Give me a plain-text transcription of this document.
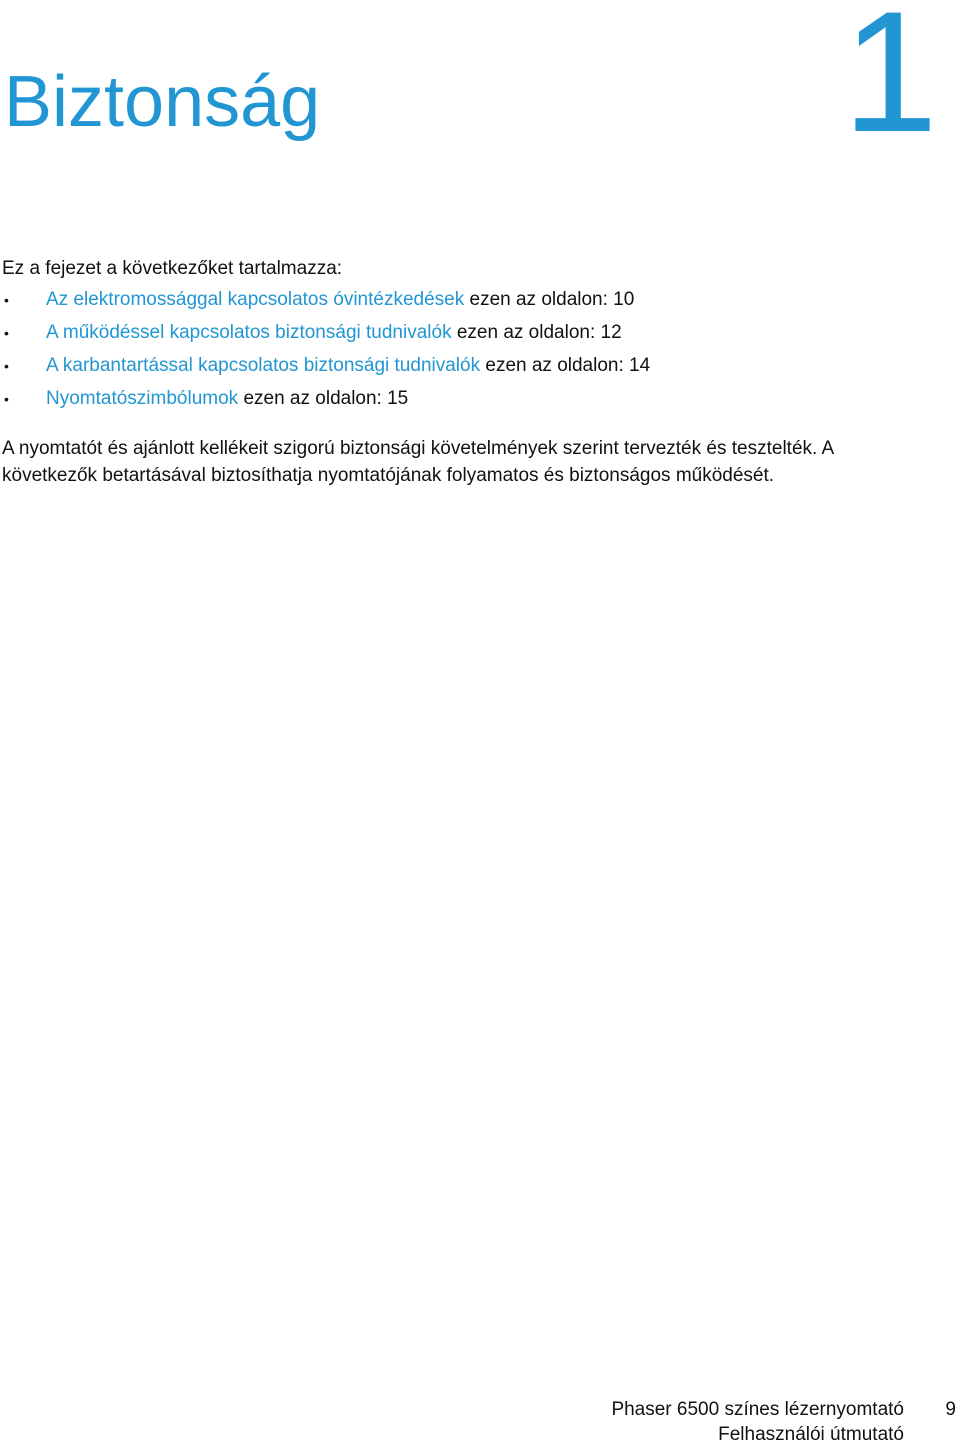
1
Biztonság

Ez a fejezet a következőket tartalmazza:

• Az elektromossággal kapcsolatos óvintézkedések ezen az oldalon: 10
• A működéssel kapcsolatos biztonsági tudnivalók ezen az oldalon: 12
• A karbantartással kapcsolatos biztonsági tudnivalók ezen az oldalon: 14
• Nyomtatószimbólumok ezen az oldalon: 15

A nyomtatót és ajánlott kellékeit szigorú biztonsági követelmények szerint tervezték és tesztelték. A következők betartásával biztosíthatja nyomtatójának folyamatos és biztonságos működését.

Phaser 6500 színes lézernyomtató
Felhasználói útmutató
9
